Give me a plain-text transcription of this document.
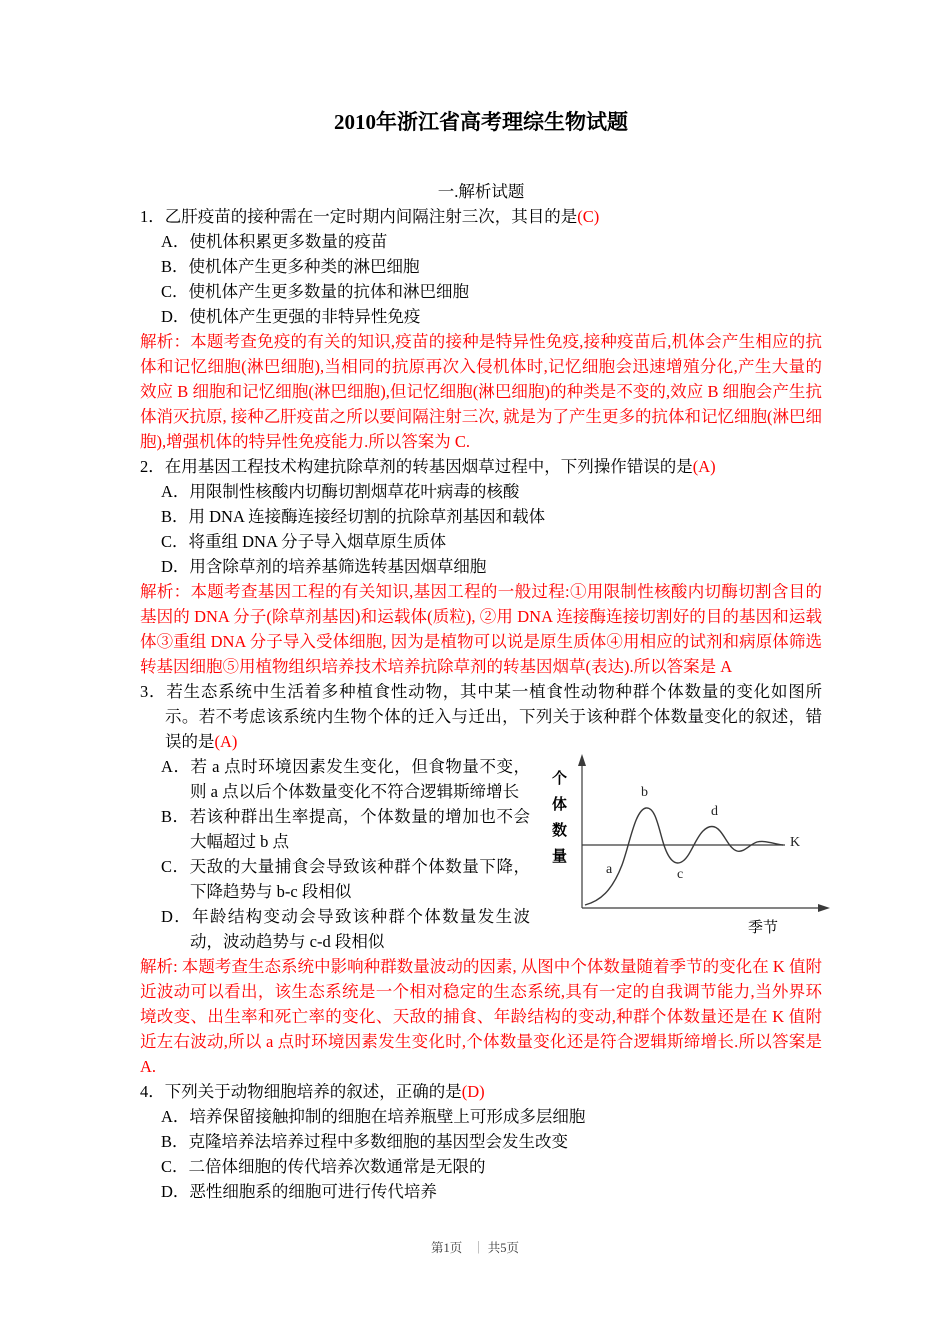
2010年浙江省高考理综生物试题
一.解析试题
1．乙肝疫苗的接种需在一定时期内间隔注射三次，其目的是(C)
A．使机体积累更多数量的疫苗
B．使机体产生更多种类的淋巴细胞
C．使机体产生更多数量的抗体和淋巴细胞
D．使机体产生更强的非特异性免疫
解析：本题考查免疫的有关的知识,疫苗的接种是特异性免疫,接种疫苗后,机体会产生相应的抗体和记忆细胞(淋巴细胞),当相同的抗原再次入侵机体时,记忆细胞会迅速增殖分化,产生大量的效应 B 细胞和记忆细胞(淋巴细胞),但记忆细胞(淋巴细胞)的种类是不变的,效应 B 细胞会产生抗体消灭抗原, 接种乙肝疫苗之所以要间隔注射三次, 就是为了产生更多的抗体和记忆细胞(淋巴细胞),增强机体的特异性免疫能力.所以答案为 C.
2．在用基因工程技术构建抗除草剂的转基因烟草过程中，下列操作错误的是(A)
A．用限制性核酸内切酶切割烟草花叶病毒的核酸
B．用 DNA 连接酶连接经切割的抗除草剂基因和载体
C．将重组 DNA 分子导入烟草原生质体
D．用含除草剂的培养基筛选转基因烟草细胞
解析：本题考查基因工程的有关知识,基因工程的一般过程:①用限制性核酸内切酶切割含目的基因的 DNA 分子(除草剂基因)和运载体(质粒), ②用 DNA 连接酶连接切割好的目的基因和运载体③重组 DNA 分子导入受体细胞, 因为是植物可以说是原生质体④用相应的试剂和病原体筛选转基因细胞⑤用植物组织培养技术培养抗除草剂的转基因烟草(表达).所以答案是 A
3．若生态系统中生活着多种植食性动物，其中某一植食性动物种群个体数量的变化如图所示。若不考虑该系统内生物个体的迁入与迁出，下列关于该种群个体数量变化的叙述，错误的是(A)
个体数量	a
b
c
d
K
季节
A．若 a 点时环境因素发生变化，但食物量不变，则 a 点以后个体数量变化不符合逻辑斯缔增长
B．若该种群出生率提高，个体数量的增加也不会大幅超过 b 点
C．天敌的大量捕食会导致该种群个体数量下降，下降趋势与 b-c 段相似
D．年龄结构变动会导致该种群个体数量发生波动，波动趋势与 c-d 段相似
解析: 本题考查生态系统中影响种群数量波动的因素, 从图中个体数量随着季节的变化在 K 值附近波动可以看出，该生态系统是一个相对稳定的生态系统,具有一定的自我调节能力,当外界环境改变、出生率和死亡率的变化、天敌的捕食、年龄结构的变动,种群个体数量还是在 K 值附近左右波动,所以 a 点时环境因素发生变化时,个体数量变化还是符合逻辑斯缔增长.所以答案是 A.
4．下列关于动物细胞培养的叙述，正确的是(D)
A．培养保留接触抑制的细胞在培养瓶壁上可形成多层细胞
B．克隆培养法培养过程中多数细胞的基因型会发生改变
C．二倍体细胞的传代培养次数通常是无限的
D．恶性细胞系的细胞可进行传代培养
第1页 ｜ 共5页
